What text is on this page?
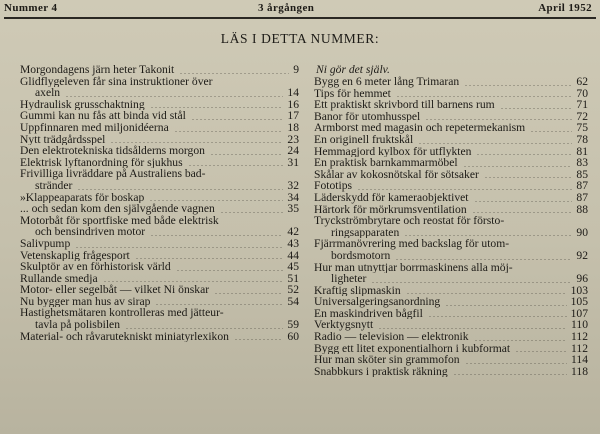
Nummer 4	3 årgången	April 1952
LÄS I DETTA NUMMER:
Morgondagens järn heter Takonit	9
Glidflygeleven får sina instruktioner över
axeln	14
Hydraulisk grusschaktning	16
Gummi kan nu fås att binda vid stål	17
Uppfinnaren med miljonidéerna	18
Nytt trädgårdsspel	23
Den elektrotekniska tidsålderns morgon	24
Elektrisk lyftanordning för sjukhus	31
Frivilliga livräddare på Australiens bad-
stränder	32
»Klappeaparats för boskap	34
... och sedan kom den självgående vagnen	35
Motorbåt för sportfiske med både elektrisk
och bensindriven motor	42
Salivpump	43
Vetenskaplig frågesport	44
Skulptör av en förhistorisk värld	45
Rullande smedja	51
Motor- eller segelbåt — vilket Ni önskar	52
Nu bygger man hus av sirap	54
Hastighetsmätaren kontrolleras med jätteur-
tavla på polisbilen	59
Material- och råvarutekniskt miniatyrlexikon	60
Ni gör det själv.
Bygg en 6 meter lång Trimaran	62
Tips för hemmet	70
Ett praktiskt skrivbord till barnens rum	71
Banor för utomhusspel	72
Armborst med magasin och repetermekanism	75
En originell fruktskål	78
Hemmagjord kylbox för utflykten	81
En praktisk barnkammarmöbel	83
Skålar av kokosnötskal för sötsaker	85
Fototips	87
Läderskydd för kameraobjektivet	87
Härtork för mörkrumsventilation	88
Tryckströmbrytare och reostat för försto-
ringsapparaten	90
Fjärrmanövrering med backslag för utom-
bordsmotorn	92
Hur man utnyttjar borrmaskinens alla möj-
ligheter	96
Kraftig slipmaskin	103
Universalgeringsanordning	105
En maskindriven bågfil	107
Verktygsnytt	110
Radio — television — elektronik	112
Bygg ett litet exponentialhorn i kubformat	112
Hur man sköter sin grammofon	114
Snabbkurs i praktisk räkning	118
